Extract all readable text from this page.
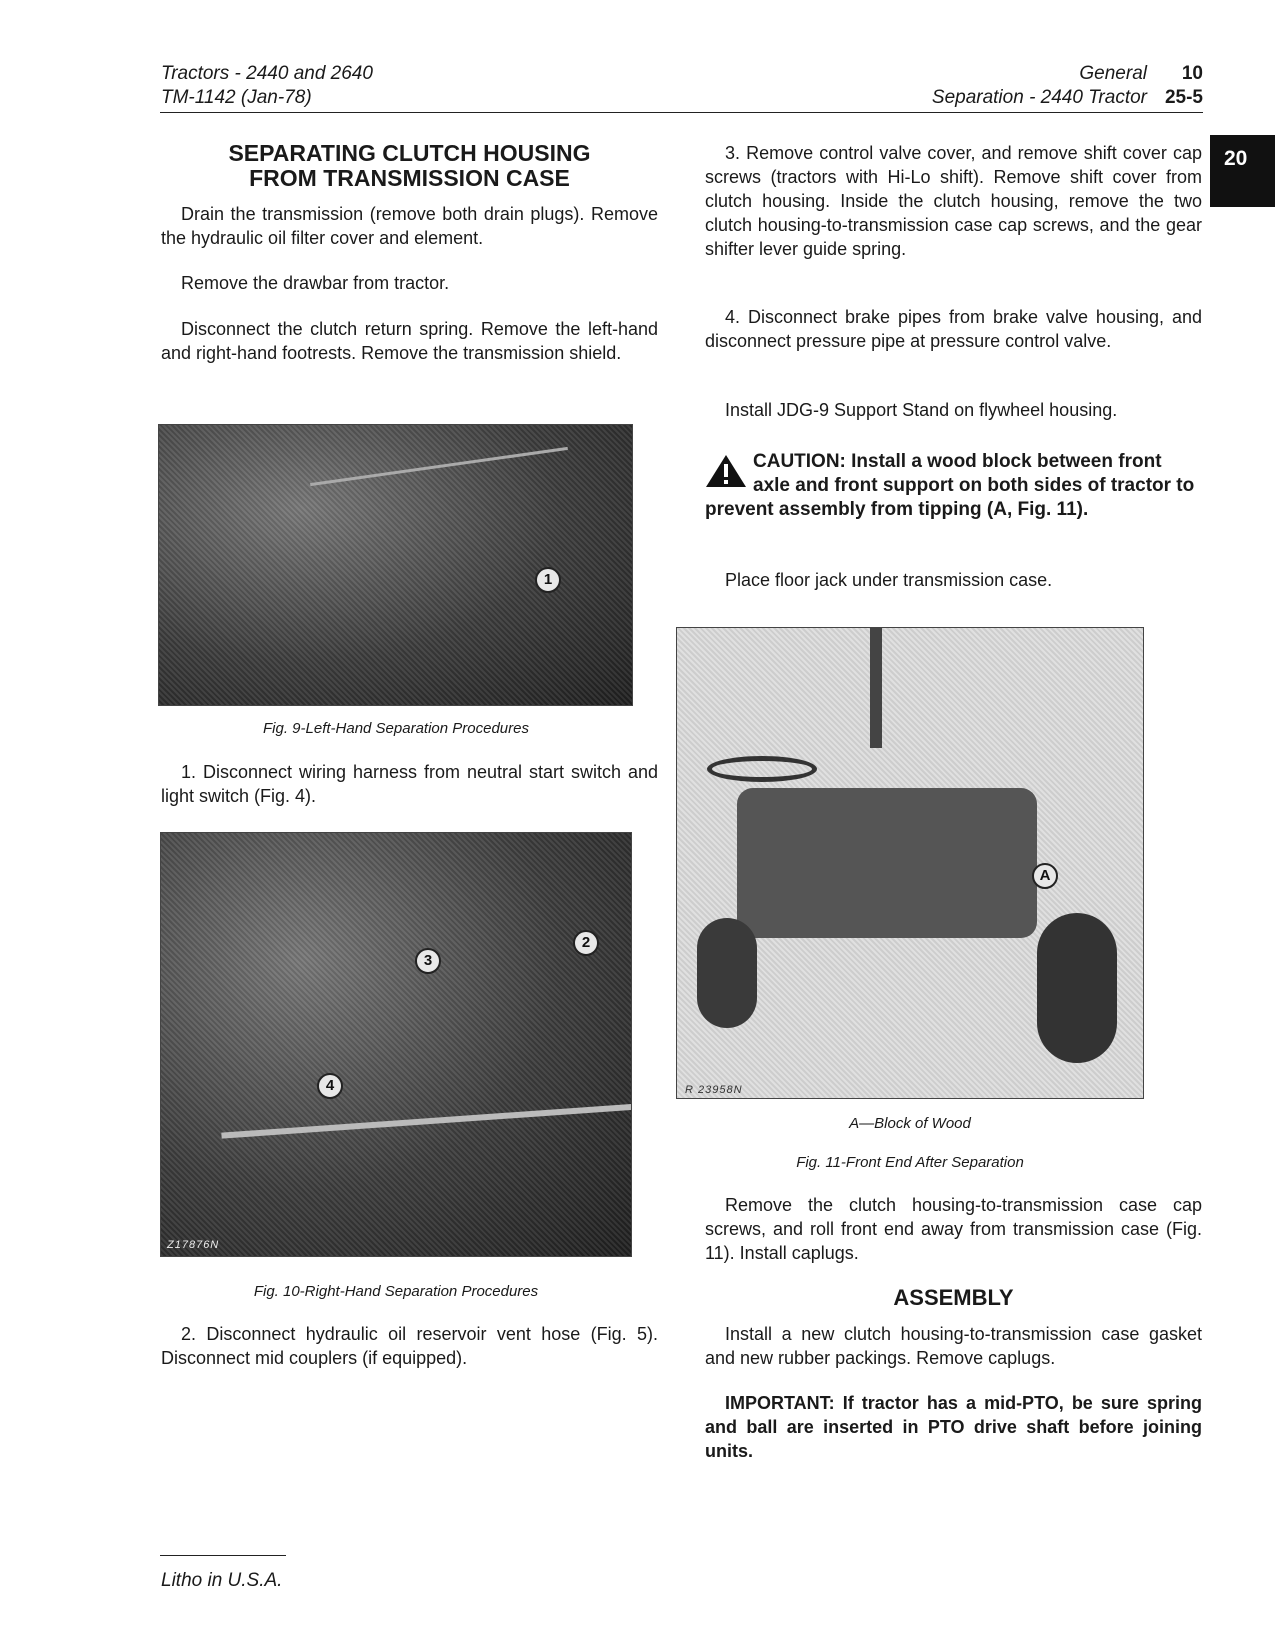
Tractors - 2440 and 2640
TM-1142 (Jan-78)
General 10
Separation - 2440 Tractor 25-5
20
SEPARATING CLUTCH HOUSING
FROM TRANSMISSION CASE
Drain the transmission (remove both drain plugs). Remove the hydraulic oil filter cover and element.
Remove the drawbar from tractor.
Disconnect the clutch return spring. Remove the left-hand and right-hand footrests. Remove the transmission shield.
1
Fig. 9-Left-Hand Separation Procedures
1. Disconnect wiring harness from neutral start switch and light switch (Fig. 4).
2
3
4
Z17876N
Fig. 10-Right-Hand Separation Procedures
2. Disconnect hydraulic oil reservoir vent hose (Fig. 5). Disconnect mid couplers (if equipped).
3. Remove control valve cover, and remove shift cover cap screws (tractors with Hi-Lo shift). Remove shift cover from clutch housing. Inside the clutch housing, remove the two clutch housing-to-transmission case cap screws, and the gear shifter lever guide spring.
4. Disconnect brake pipes from brake valve housing, and disconnect pressure pipe at pressure control valve.
Install JDG-9 Support Stand on flywheel housing.
CAUTION: Install a wood block between front axle and front support on both sides of tractor to prevent assembly from tipping (A, Fig. 11).
Place floor jack under transmission case.
A
R 23958N
A—Block of Wood
Fig. 11-Front End After Separation
Remove the clutch housing-to-transmission case cap screws, and roll front end away from transmission case (Fig. 11). Install caplugs.
ASSEMBLY
Install a new clutch housing-to-transmission case gasket and new rubber packings. Remove caplugs.
IMPORTANT: If tractor has a mid-PTO, be sure spring and ball are inserted in PTO drive shaft before joining units.
Litho in U.S.A.
